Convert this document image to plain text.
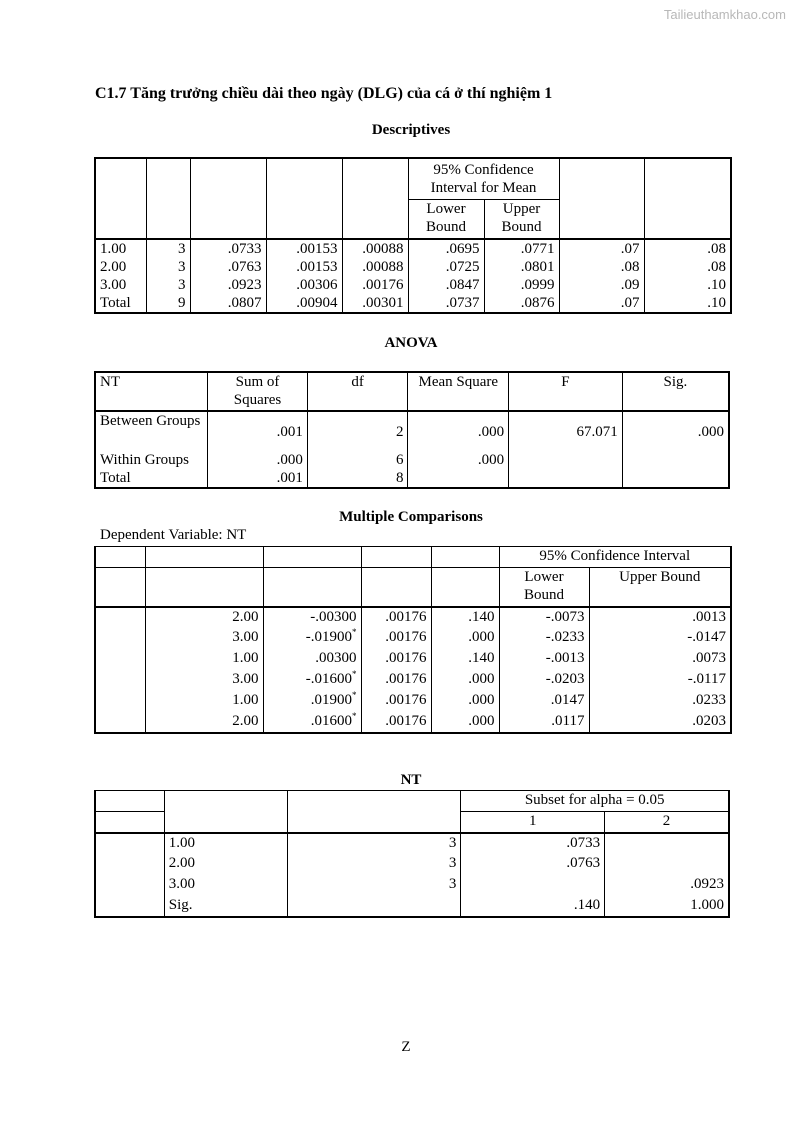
Tailieuthamkhao.com
C1.7 Tăng trưởng chiều dài theo ngày (DLG) của cá ở thí nghiệm 1
Descriptives
					95% Confidence Interval for Mean			
					Lower Bound	Upper Bound		
1.00	3	.0733	.00153	.00088	.0695	.0771	.07	.08
2.00	3	.0763	.00153	.00088	.0725	.0801	.08	.08
3.00	3	.0923	.00306	.00176	.0847	.0999	.09	.10
Total	9	.0807	.00904	.00301	.0737	.0876	.07	.10
ANOVA
NT	Sum of Squares	df	Mean Square	F	Sig.
Between Groups	.001	2	.000	67.071	.000
Within Groups	.000	6	.000		
Total	.001	8			
Multiple Comparisons
Dependent Variable: NT
					95% Confidence Interval	
					Lower Bound	Upper Bound
	2.00	-.00300	.00176	.140	-.0073	.0013
	3.00	-.01900*	.00176	.000	-.0233	-.0147
	1.00	.00300	.00176	.140	-.0013	.0073
	3.00	-.01600*	.00176	.000	-.0203	-.0117
	1.00	.01900*	.00176	.000	.0147	.0233
	2.00	.01600*	.00176	.000	.0117	.0203
NT
			Subset for alpha = 0.05	
			1	2
	1.00	3	.0733	
	2.00	3	.0763	
	3.00	3		.0923
	Sig.		.140	1.000
Z
